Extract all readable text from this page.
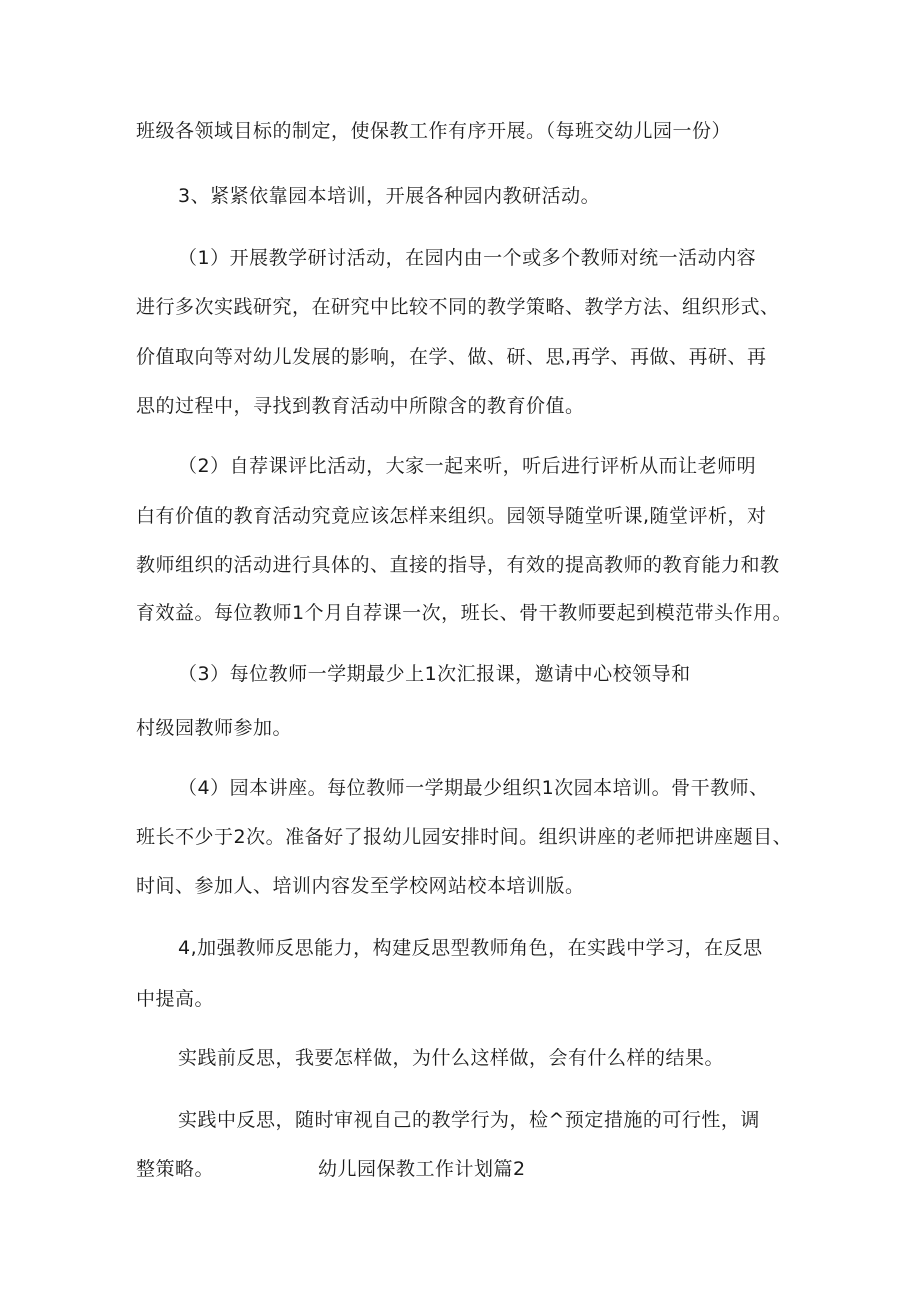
班级各领域目标的制定，使保教工作有序开展。（每班交幼儿园一份）
3、紧紧依靠园本培训，开展各种园内教研活动。
（1）开展教学研讨活动，在园内由一个或多个教师对统一活动内容
进行多次实践研究，在研究中比较不同的教学策略、教学方法、组织形式、
价值取向等对幼儿发展的影响，在学、做、研、思,再学、再做、再研、再
思的过程中，寻找到教育活动中所隙含的教育价值。
（2）自荐课评比活动，大家一起来听，听后进行评析从而让老师明
白有价值的教育活动究竟应该怎样来组织。园领导随堂听课,随堂评析，对
教师组织的活动进行具体的、直接的指导，有效的提高教师的教育能力和教
育效益。每位教师1个月自荐课一次，班长、骨干教师要起到模范带头作用。
（3）每位教师一学期最少上1次汇报课，邀请中心校领导和
村级园教师参加。
（4）园本讲座。每位教师一学期最少组织1次园本培训。骨干教师、
班长不少于2次。准备好了报幼儿园安排时间。组织讲座的老师把讲座题目、
时间、参加人、培训内容发至学校网站校本培训版。
4,加强教师反思能力，构建反思型教师角色，在实践中学习，在反思
中提高。
实践前反思，我要怎样做，为什么这样做，会有什么样的结果。
实践中反思，随时审视自己的教学行为，检^预定措施的可行性，调
整策略。	幼儿园保教工作计划篇2
